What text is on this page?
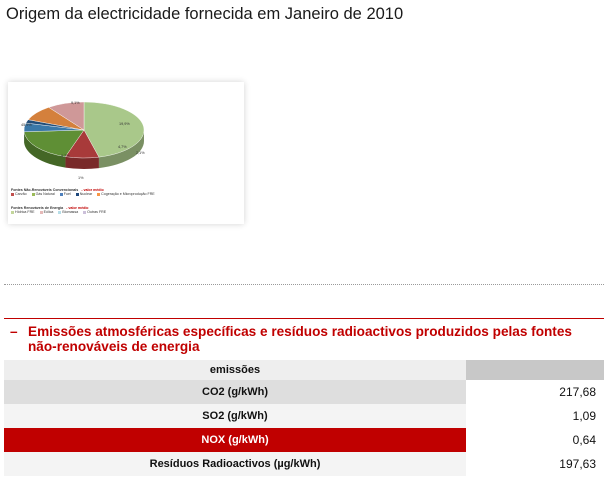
Origem da electricidade fornecida em Janeiro de 2010
9,1%
19,9%
4,7%
2,1%
9,7%
1%
45,9%
Fontes Não-Renováveis Convencionais - valor médio
Carvão	Gás Natural	Fuel	Nuclear	Cogeração e Microprodução FRE
Fontes Renováveis de Energia - valor médio
Hídrica FRE	Eólica	Biomassa	Outras FRE
– Emissões atmosféricas específicas e resíduos radioactivos produzidos pelas fontes não-renováveis de energia
emissões	
CO2 (g/kWh)	217,68
SO2 (g/kWh)	1,09
NOX (g/kWh)	0,64
Resíduos Radioactivos (µg/kWh)	197,63
